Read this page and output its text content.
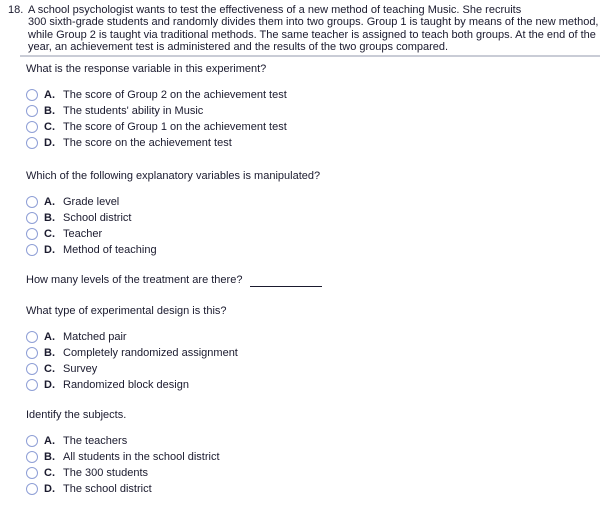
18. A school psychologist wants to test the effectiveness of a new method of teaching Music. She recruits
300 sixth-grade students and randomly divides them into two groups. Group 1 is taught by means of the new method,
while Group 2 is taught via traditional methods. The same teacher is assigned to teach both groups. At the end of the
year, an achievement test is administered and the results of the two groups compared.
What is the response variable in this experiment?
A. The score of Group 2 on the achievement test
B. The students' ability in Music
C. The score of Group 1 on the achievement test
D. The score on the achievement test
Which of the following explanatory variables is manipulated?
A. Grade level
B. School district
C. Teacher
D. Method of teaching
How many levels of the treatment are there?
What type of experimental design is this?
A. Matched pair
B. Completely randomized assignment
C. Survey
D. Randomized block design
Identify the subjects.
A. The teachers
B. All students in the school district
C. The 300 students
D. The school district
